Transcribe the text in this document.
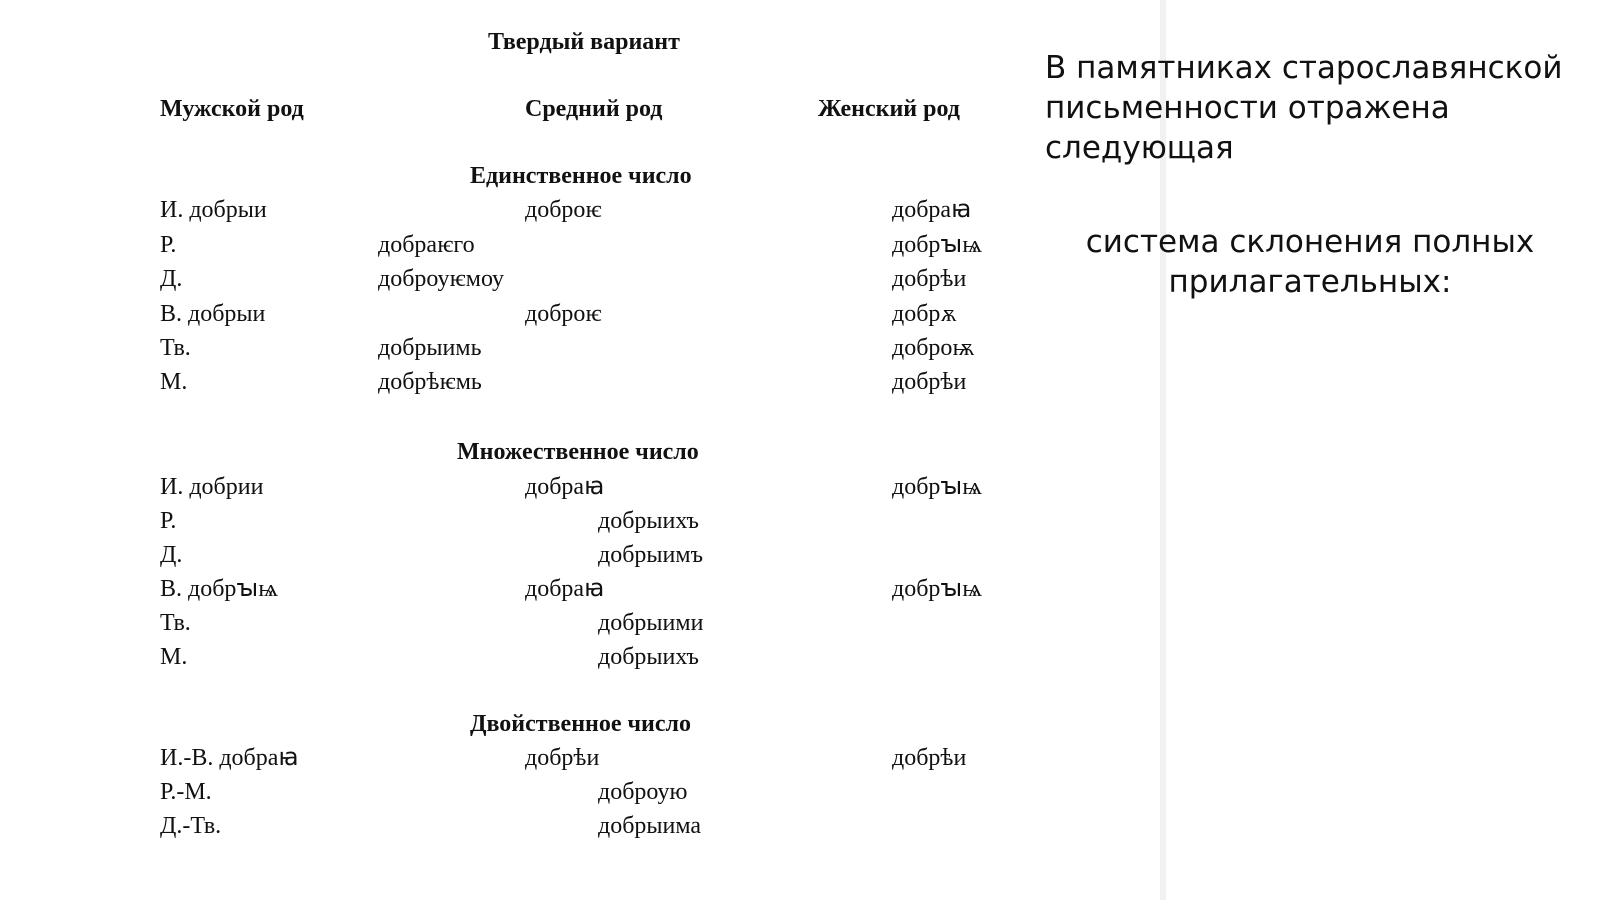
Твердый вариант
Мужской род	Средний род	Женский род
Единственное число
И. добрыи	доброѥ	добраꙗ
Р.	добраѥго	добрꙑѩ
Д.	доброуѥмоу	добрѣи
В. добрыи	доброѥ	добрѫ
Тв.	добрыимь	доброѭ
М.	добрѣѥмь	добрѣи
Множественное число
И. добрии	добраꙗ	добрꙑѩ
Р.	добрыихъ
Д.	добрыимъ
В. добрꙑѩ	добраꙗ	добрꙑѩ
Тв.	добрыими
М.	добрыихъ
Двойственное число
И.-В. добраꙗ	добрѣи	добрѣи
Р.-М.	доброую
Д.-Тв.	добрыима
В памятниках старославянской письменности отражена следующая
система склонения полных прилагательных:
